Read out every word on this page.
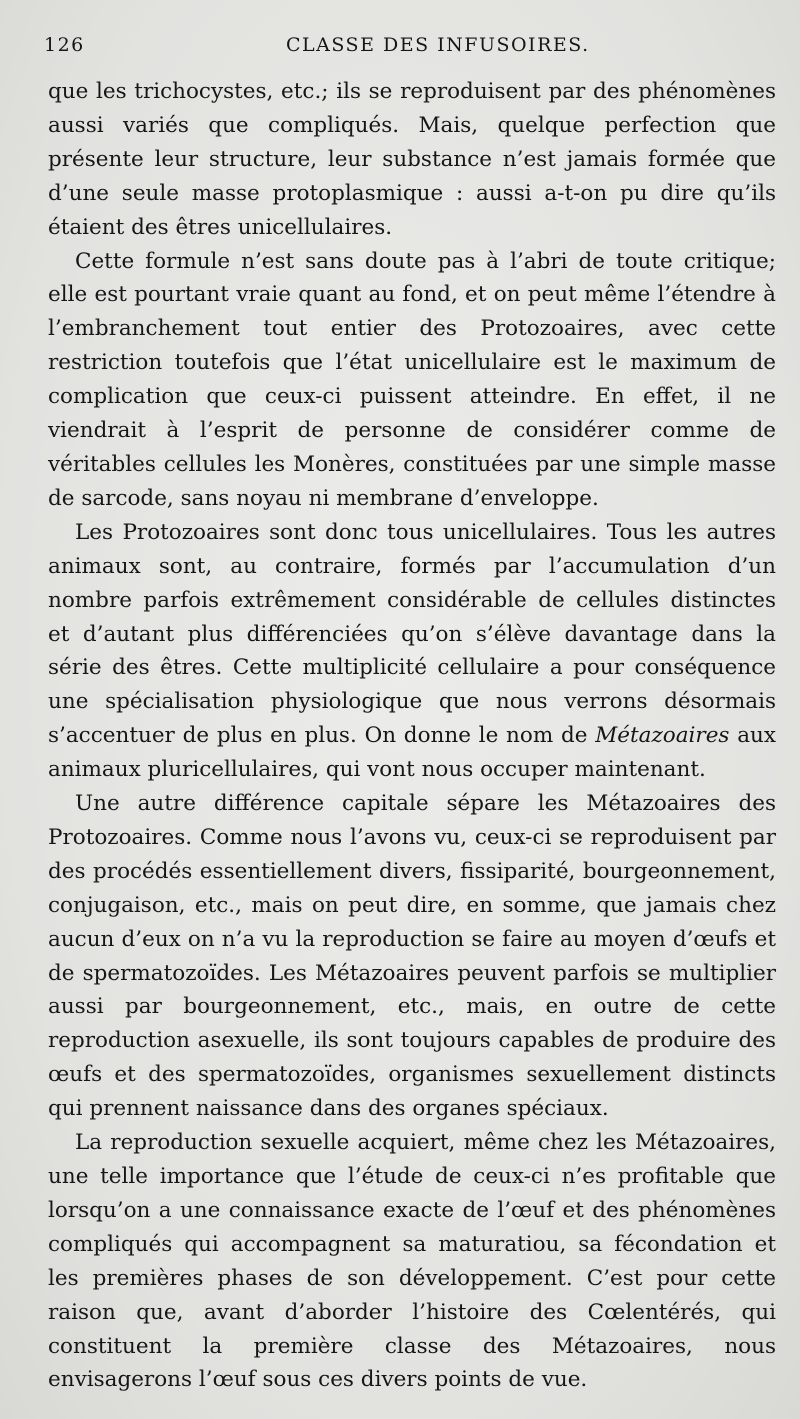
126	CLASSE DES INFUSOIRES.

que les trichocystes, etc.; ils se reproduisent par des phénomènes aussi variés que compliqués. Mais, quelque perfection que présente leur structure, leur substance n’est jamais formée que d’une seule masse protoplasmique : aussi a-t-on pu dire qu’ils étaient des êtres unicellulaires.

Cette formule n’est sans doute pas à l’abri de toute critique; elle est pourtant vraie quant au fond, et on peut même l’étendre à l’embranchement tout entier des Protozoaires, avec cette restriction toutefois que l’état unicellulaire est le maximum de complication que ceux-ci puissent atteindre. En effet, il ne viendrait à l’esprit de personne de considérer comme de véritables cellules les Monères, constituées par une simple masse de sarcode, sans noyau ni membrane d’enveloppe.

Les Protozoaires sont donc tous unicellulaires. Tous les autres animaux sont, au contraire, formés par l’accumulation d’un nombre parfois extrêmement considérable de cellules distinctes et d’autant plus différenciées qu’on s’élève davantage dans la série des êtres. Cette multiplicité cellulaire a pour conséquence une spécialisation physiologique que nous verrons désormais s’accentuer de plus en plus. On donne le nom de Métazoaires aux animaux pluricellulaires, qui vont nous occuper maintenant.

Une autre différence capitale sépare les Métazoaires des Protozoaires. Comme nous l’avons vu, ceux-ci se reproduisent par des procédés essentiellement divers, fissiparité, bourgeonnement, conjugaison, etc., mais on peut dire, en somme, que jamais chez aucun d’eux on n’a vu la reproduction se faire au moyen d’œufs et de spermatozoïdes. Les Métazoaires peuvent parfois se multiplier aussi par bourgeonnement, etc., mais, en outre de cette reproduction asexuelle, ils sont toujours capables de produire des œufs et des spermatozoïdes, organismes sexuellement distincts qui prennent naissance dans des organes spéciaux.

La reproduction sexuelle acquiert, même chez les Métazoaires, une telle importance que l’étude de ceux-ci n’es profitable que lorsqu’on a une connaissance exacte de l’œuf et des phénomènes compliqués qui accompagnent sa maturatiou, sa fécondation et les premières phases de son développement. C’est pour cette raison que, avant d’aborder l’histoire des Cœlentérés, qui constituent la première classe des Métazoaires, nous envisagerons l’œuf sous ces divers points de vue.
